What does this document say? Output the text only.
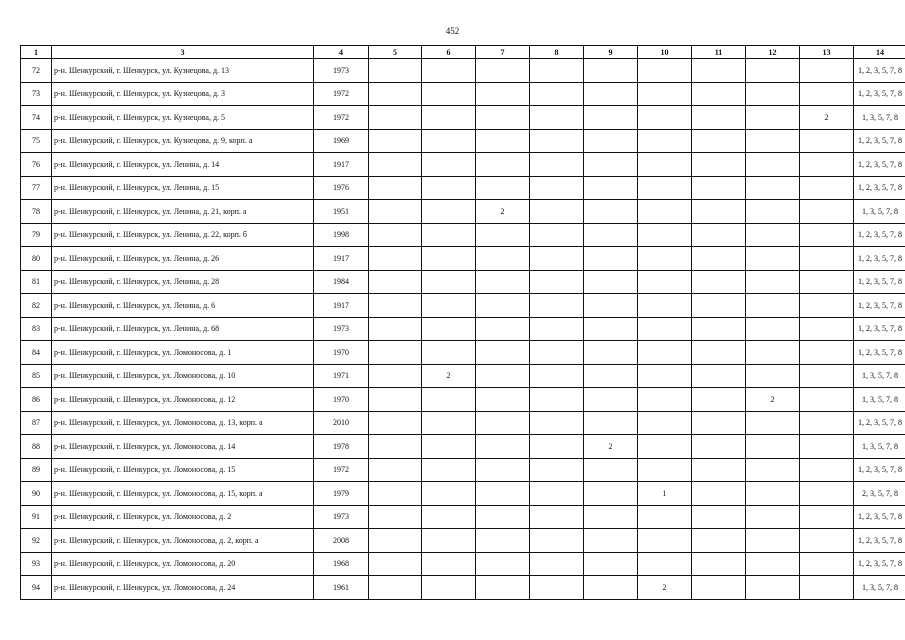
452
1	3	4	5	6	7	8	9	10	11	12	13	14
72	р-н. Шенкурский, г. Шенкурск, ул. Кузнецова, д. 13	1973										1, 2, 3, 5, 7, 8
73	р-н. Шенкурский, г. Шенкурск, ул. Кузнецова, д. 3	1972										1, 2, 3, 5, 7, 8
74	р-н. Шенкурский, г. Шенкурск, ул. Кузнецова, д. 5	1972									2	1, 3, 5, 7, 8
75	р-н. Шенкурский, г. Шенкурск, ул. Кузнецова, д. 9, корп. а	1969										1, 2, 3, 5, 7, 8
76	р-н. Шенкурский, г. Шенкурск, ул. Ленина, д. 14	1917										1, 2, 3, 5, 7, 8
77	р-н. Шенкурский, г. Шенкурск, ул. Ленина, д. 15	1976										1, 2, 3, 5, 7, 8
78	р-н. Шенкурский, г. Шенкурск, ул. Ленина, д. 21, корп. а	1951			2							1, 3, 5, 7, 8
79	р-н. Шенкурский, г. Шенкурск, ул. Ленина, д. 22, корп. б	1998										1, 2, 3, 5, 7, 8
80	р-н. Шенкурский, г. Шенкурск, ул. Ленина, д. 26	1917										1, 2, 3, 5, 7, 8
81	р-н. Шенкурский, г. Шенкурск, ул. Ленина, д. 28	1984										1, 2, 3, 5, 7, 8
82	р-н. Шенкурский, г. Шенкурск, ул. Ленина, д. 6	1917										1, 2, 3, 5, 7, 8
83	р-н. Шенкурский, г. Шенкурск, ул. Ленина, д. 68	1973										1, 2, 3, 5, 7, 8
84	р-н. Шенкурский, г. Шенкурск, ул. Ломоносова, д. 1	1970										1, 2, 3, 5, 7, 8
85	р-н. Шенкурский, г. Шенкурск, ул. Ломоносова, д. 10	1971		2								1, 3, 5, 7, 8
86	р-н. Шенкурский, г. Шенкурск, ул. Ломоносова, д. 12	1970								2		1, 3, 5, 7, 8
87	р-н. Шенкурский, г. Шенкурск, ул. Ломоносова, д. 13, корп. а	2010										1, 2, 3, 5, 7, 8
88	р-н. Шенкурский, г. Шенкурск, ул. Ломоносова, д. 14	1978					2					1, 3, 5, 7, 8
89	р-н. Шенкурский, г. Шенкурск, ул. Ломоносова, д. 15	1972										1, 2, 3, 5, 7, 8
90	р-н. Шенкурский, г. Шенкурск, ул. Ломоносова, д. 15, корп. а	1979						1				2, 3, 5, 7, 8
91	р-н. Шенкурский, г. Шенкурск, ул. Ломоносова, д. 2	1973										1, 2, 3, 5, 7, 8
92	р-н. Шенкурский, г. Шенкурск, ул. Ломоносова, д. 2, корп. а	2008										1, 2, 3, 5, 7, 8
93	р-н. Шенкурский, г. Шенкурск, ул. Ломоносова, д. 20	1968										1, 2, 3, 5, 7, 8
94	р-н. Шенкурский, г. Шенкурск, ул. Ломоносова, д. 24	1961						2				1, 3, 5, 7, 8
